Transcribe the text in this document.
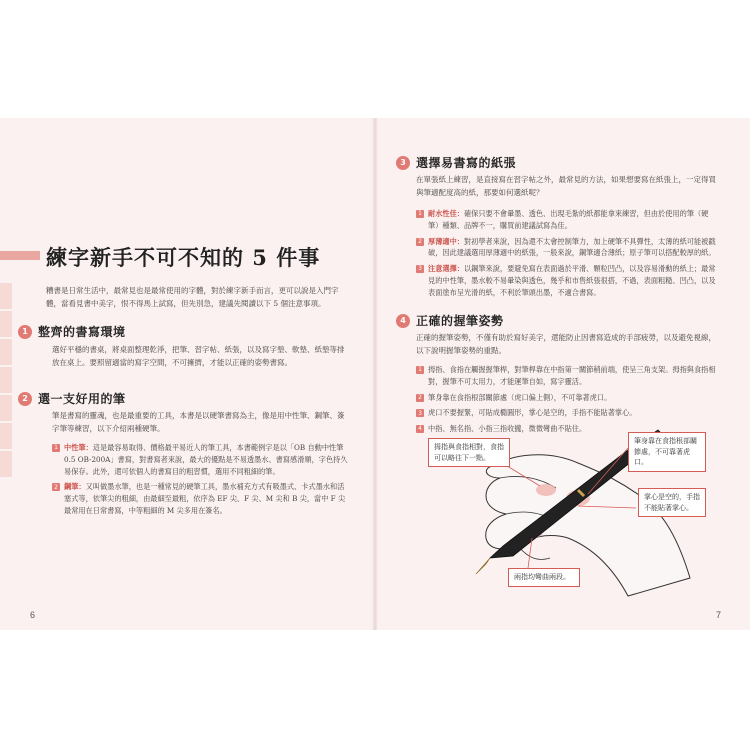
練字新手不可不知的 5 件事

糟書是日常生活中，最常見也是最常使用的字體，對於練字新手而言，更可以說是入門字體，當看見書中美字，恨不得馬上試寫，但先別急，建議先閱讀以下 5 個注意事項。

1 整齊的書寫環境

選好平穩的書桌，將桌面整理乾淨，把筆、習字帖、紙張，以及寫字墊、軟墊、紙墊等排放在桌上。要照留適當的寫字空間，不可擁擠，才能以正確的姿勢書寫。

2 選一支好用的筆

筆是書寫的靈魂，也是最重要的工具，本書是以硬筆書寫為主，像是用中性筆、鋼筆、簽字筆等練習，以下介紹兩種硬筆。

1 中性筆：這是最容易取得、價格最平易近人的筆工具，本書範例字是以「OB 自動中性筆 0.5 OB-200A」書寫，對書寫者來說，最大的優點是不易透墨水、書寫感滑順，字色持久易保存。此外，還可依個人的書寫目的粗習慣，選用不同粗細的筆。
2 鋼筆：又叫做墨水筆，也是一種常見的硬筆工具，墨水補充方式有吸墨式、卡式墨水和活塞式等，依筆尖的粗細，由最細至最粗，依序為 EF 尖、F 尖、M 尖和 B 尖，當中 F 尖最常用在日常書寫，中等粗細的 M 尖多用在簽名。
3 選擇易書寫的紙張

在單張紙上練習，是直接寫在習字帖之外，最常見的方法，如果想要寫在紙張上，一定得買與筆適配度高的紙，那要如何選紙呢？

1 耐水性佳：確保只要不會暈墨、透色、出現毛紮的紙都能拿來練習，但由於使用的筆（硬筆）種類、品牌不一，購買前建議試寫為佳。
2 厚薄適中：對初學者來說，因為還不太會控制筆力，加上硬筆不具彈性，太薄的紙可能被戳破，因此建議選用厚薄適中的紙張，一般來說，鋼筆適合薄紙；原子筆可以搭配較厚的紙。
3 注意選擇：以鋼筆來說，要避免寫在表面過於平滑、顆粒凹凸，以及容易滑動的紙上；最常見的中性筆，墨水較不易暈染與透色，幾乎和市售紙張很搭，不過，表面粗糙、凹凸，以及表面塗布呈光滑的紙，不利於筆頭出墨，不適合書寫。
4 正確的握筆姿勢

正確的握筆姿勢，不僅有助於寫好美字，還能防止因書寫造成的手部疲勞，以及避免視線，以下說明握筆姿勢的重點。

1 拇指、食指在觸握握筆桿，對筆桿靠在中指第一關節稍前端，使呈三角支架。拇指與食指相對，握筆不可太用力，才能運筆自如，寫字靈活。
2 筆身靠在食指根部關節處（虎口偏上側），不可靠著虎口。
3 虎口不要握緊，可貼成橢圓形，掌心是空的，手指不能貼著掌心。
4 中指、無名指、小指三指收攏，微微彎曲不貼住。
6	7
拇指與食指相對，食指可以略往下一點。
筆身靠在食指根部關節處，不可靠著虎口。
掌心是空的，手指不能貼著掌心。
兩指均彎曲兩段。
